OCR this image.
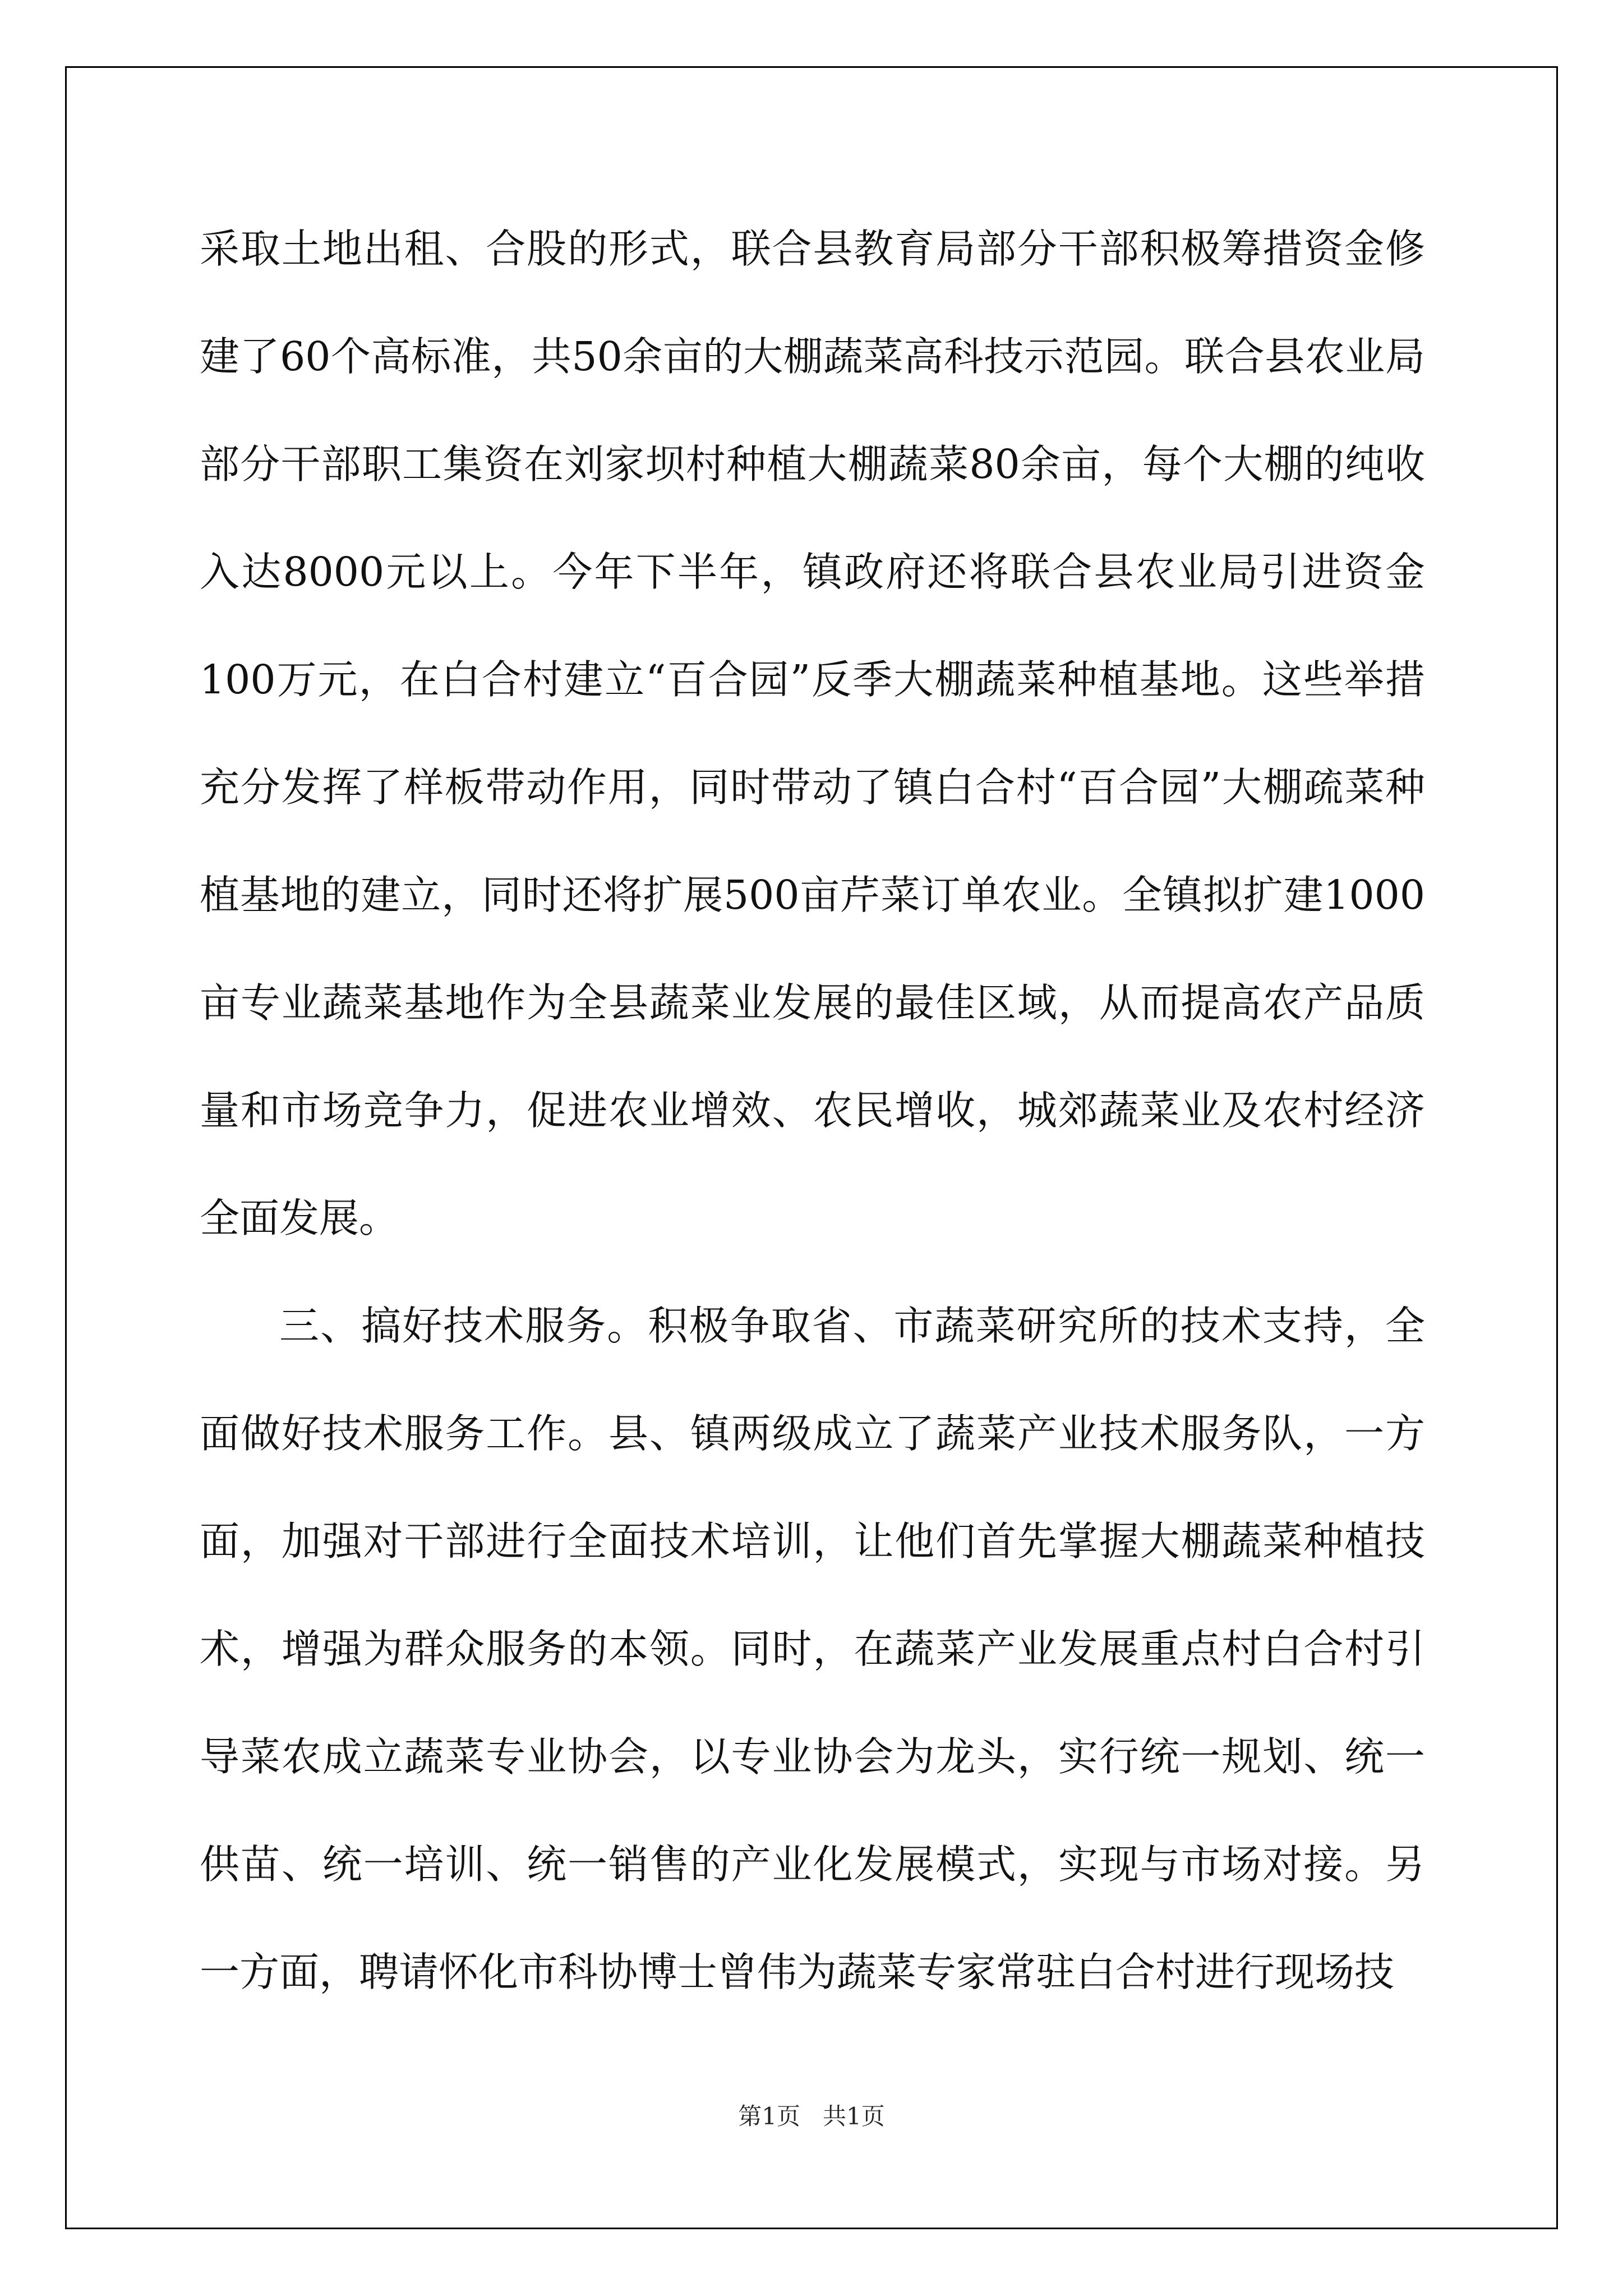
采取土地出租、合股的形式，联合县教育局部分干部积极筹措资金修建了60个高标准，共50余亩的大棚蔬菜高科技示范园。联合县农业局部分干部职工集资在刘家坝村种植大棚蔬菜80余亩，每个大棚的纯收入达8000元以上。今年下半年，镇政府还将联合县农业局引进资金100万元，在白合村建立“百合园”反季大棚蔬菜种植基地。这些举措充分发挥了样板带动作用，同时带动了镇白合村“百合园”大棚疏菜种植基地的建立，同时还将扩展500亩芹菜订单农业。全镇拟扩建1000亩专业蔬菜基地作为全县蔬菜业发展的最佳区域，从而提高农产品质量和市场竞争力，促进农业增效、农民增收，城郊蔬菜业及农村经济全面发展。

三、搞好技术服务。积极争取省、市蔬菜研究所的技术支持，全面做好技术服务工作。县、镇两级成立了蔬菜产业技术服务队，一方面，加强对干部进行全面技术培训，让他们首先掌握大棚蔬菜种植技术，增强为群众服务的本领。同时，在蔬菜产业发展重点村白合村引导菜农成立蔬菜专业协会，以专业协会为龙头，实行统一规划、统一供苗、统一培训、统一销售的产业化发展模式，实现与市场对接。另一方面，聘请怀化市科协博士曾伟为蔬菜专家常驻白合村进行现场技

第1页   共1页
